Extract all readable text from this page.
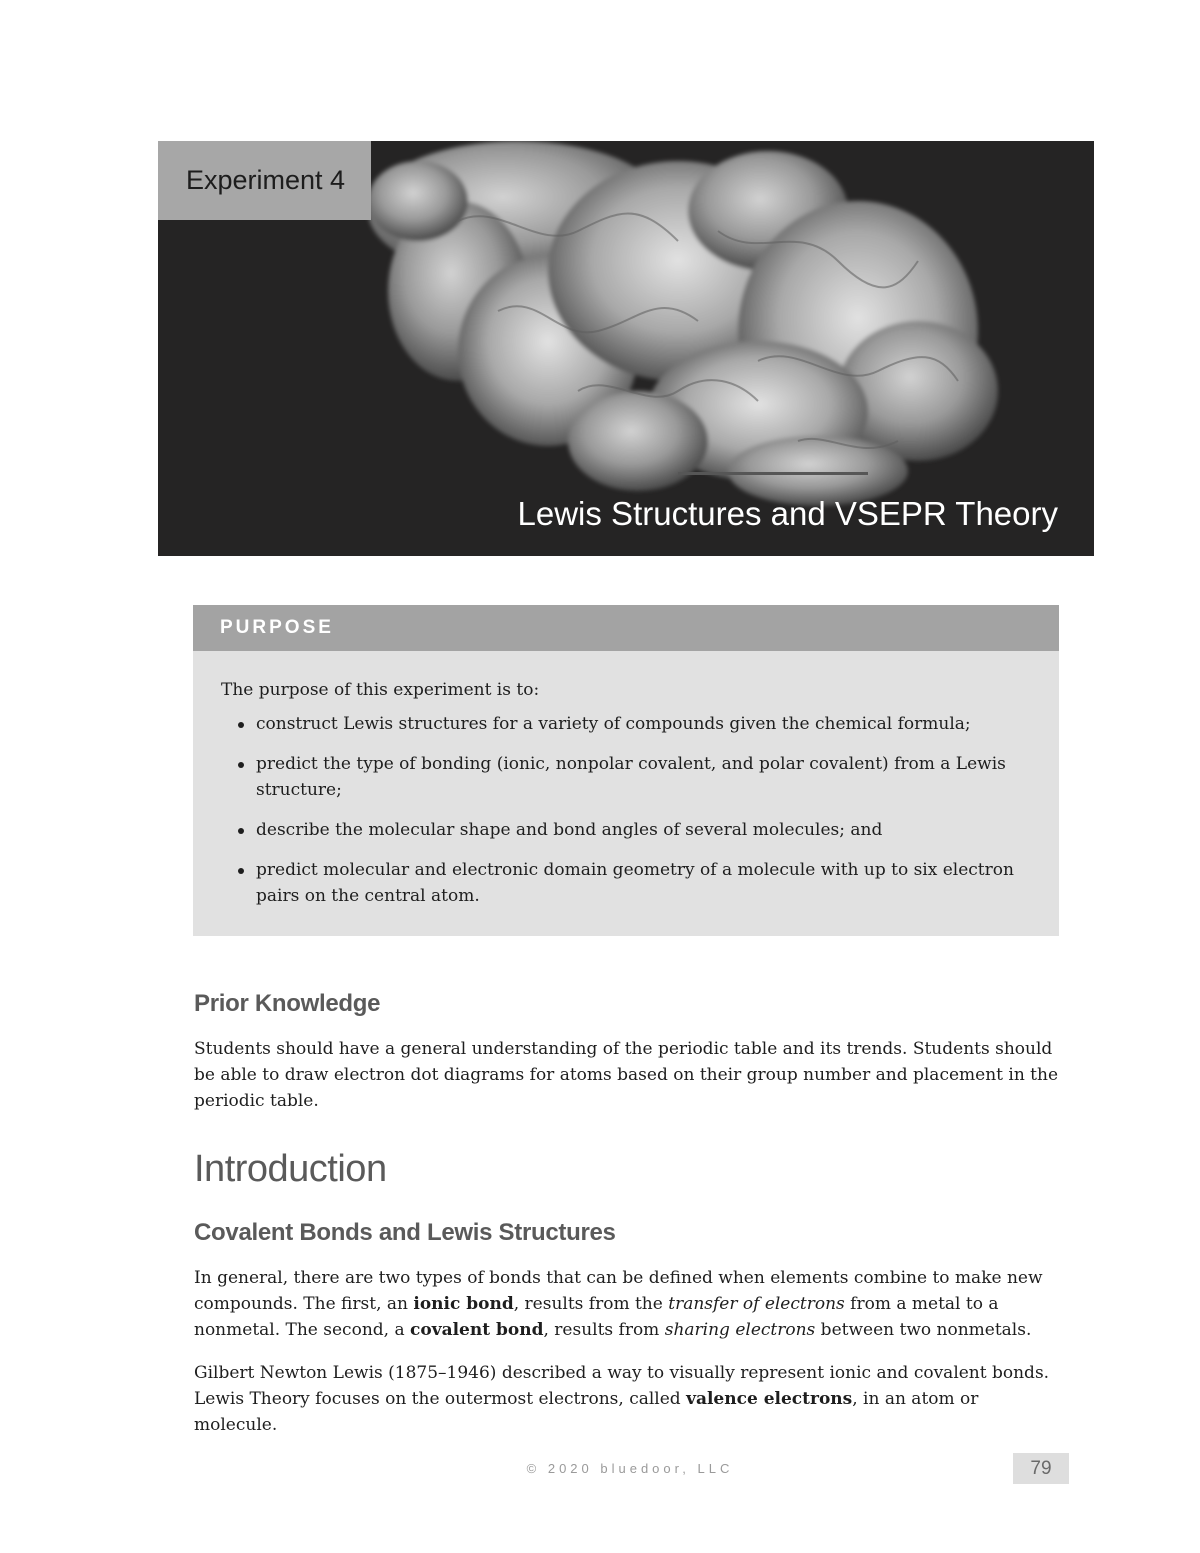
Experiment 4
Lewis Structures and VSEPR Theory
PURPOSE

The purpose of this experiment is to:

construct Lewis structures for a variety of compounds given the chemical formula;
predict the type of bonding (ionic, nonpolar covalent, and polar covalent) from a Lewis structure;
describe the molecular shape and bond angles of several molecules; and
predict molecular and electronic domain geometry of a molecule with up to six electron pairs on the central atom.
Prior Knowledge

Students should have a general understanding of the periodic table and its trends. Students should be able to draw electron dot diagrams for atoms based on their group number and placement in the periodic table.

Introduction
Covalent Bonds and Lewis Structures

In general, there are two types of bonds that can be defined when elements combine to make new compounds. The first, an ionic bond, results from the transfer of electrons from a metal to a nonmetal. The second, a covalent bond, results from sharing electrons between two nonmetals.

Gilbert Newton Lewis (1875–1946) described a way to visually represent ionic and covalent bonds. Lewis Theory focuses on the outermost electrons, called valence electrons, in an atom or molecule.

© 2020 bluedoor, LLC	79
